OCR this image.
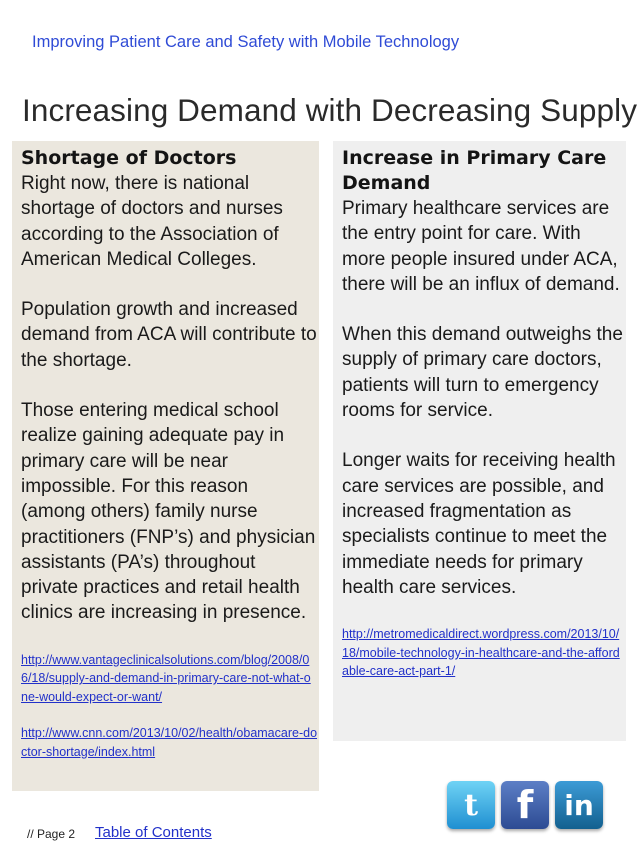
Improving Patient Care and Safety with Mobile Technology
Increasing Demand with Decreasing Supply
Shortage of Doctors

Right now, there is national shortage of doctors and nurses according to the Association of American Medical Colleges.

Population growth and increased demand from ACA will contribute to the shortage.

Those entering medical school realize gaining adequate pay in primary care will be near impossible. For this reason (among others) family nurse practitioners (FNP’s) and physician assistants (PA’s) throughout private practices and retail health clinics are increasing in presence.

http://www.vantageclinicalsolutions.com/blog/2008/06/18/supply-and-demand-in-primary-care-not-what-one-would-expect-or-want/
http://www.cnn.com/2013/10/02/health/obamacare-doctor-shortage/index.html
Increase in Primary Care Demand

Primary healthcare services are the entry point for care. With more people insured under ACA, there will be an influx of demand.

When this demand outweighs the supply of primary care doctors, patients will turn to emergency rooms for service.

Longer waits for receiving health care services are possible, and increased fragmentation as specialists continue to meet the immediate needs for primary health care services.

http://metromedicaldirect.wordpress.com/2013/10/18/mobile-technology-in-healthcare-and-the-affordable-care-act-part-1/
t	f	in
// Page 2 Table of Contents
